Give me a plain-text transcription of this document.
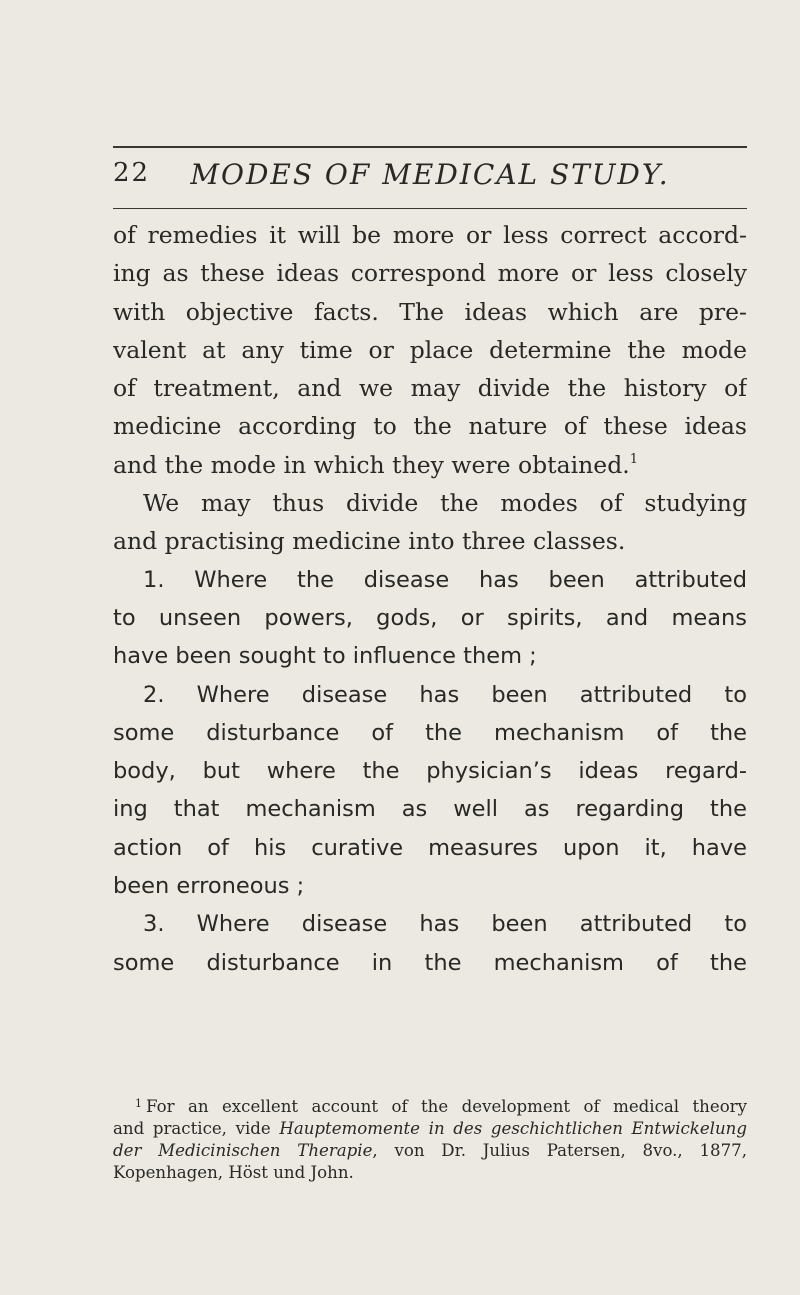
22	MODES OF MEDICAL STUDY.
of remedies it will be more or less correct accord-
ing as these ideas correspond more or less closely
with objective facts. The ideas which are pre-
valent at any time or place determine the mode
of treatment, and we may divide the history of
medicine according to the nature of these ideas
and the mode in which they were obtained.$^1$
We may thus divide the modes of studying
and practising medicine into three classes.
1. Where the disease has been attributed
to unseen powers, gods, or spirits, and means
have been sought to influence them ;
2. Where disease has been attributed to
some disturbance of the mechanism of the
body, but where the physician’s ideas regard-
ing that mechanism as well as regarding the
action of his curative measures upon it, have
been erroneous ;
3. Where disease has been attributed to
some disturbance in the mechanism of the
$^1$ For an excellent account of the development of medical theory
and practice, vide Hauptemomente in des geschichtlichen Entwickelung
der Medicinischen Therapie, von Dr. Julius Patersen, 8vo., 1877,
Kopenhagen, Höst und John.
